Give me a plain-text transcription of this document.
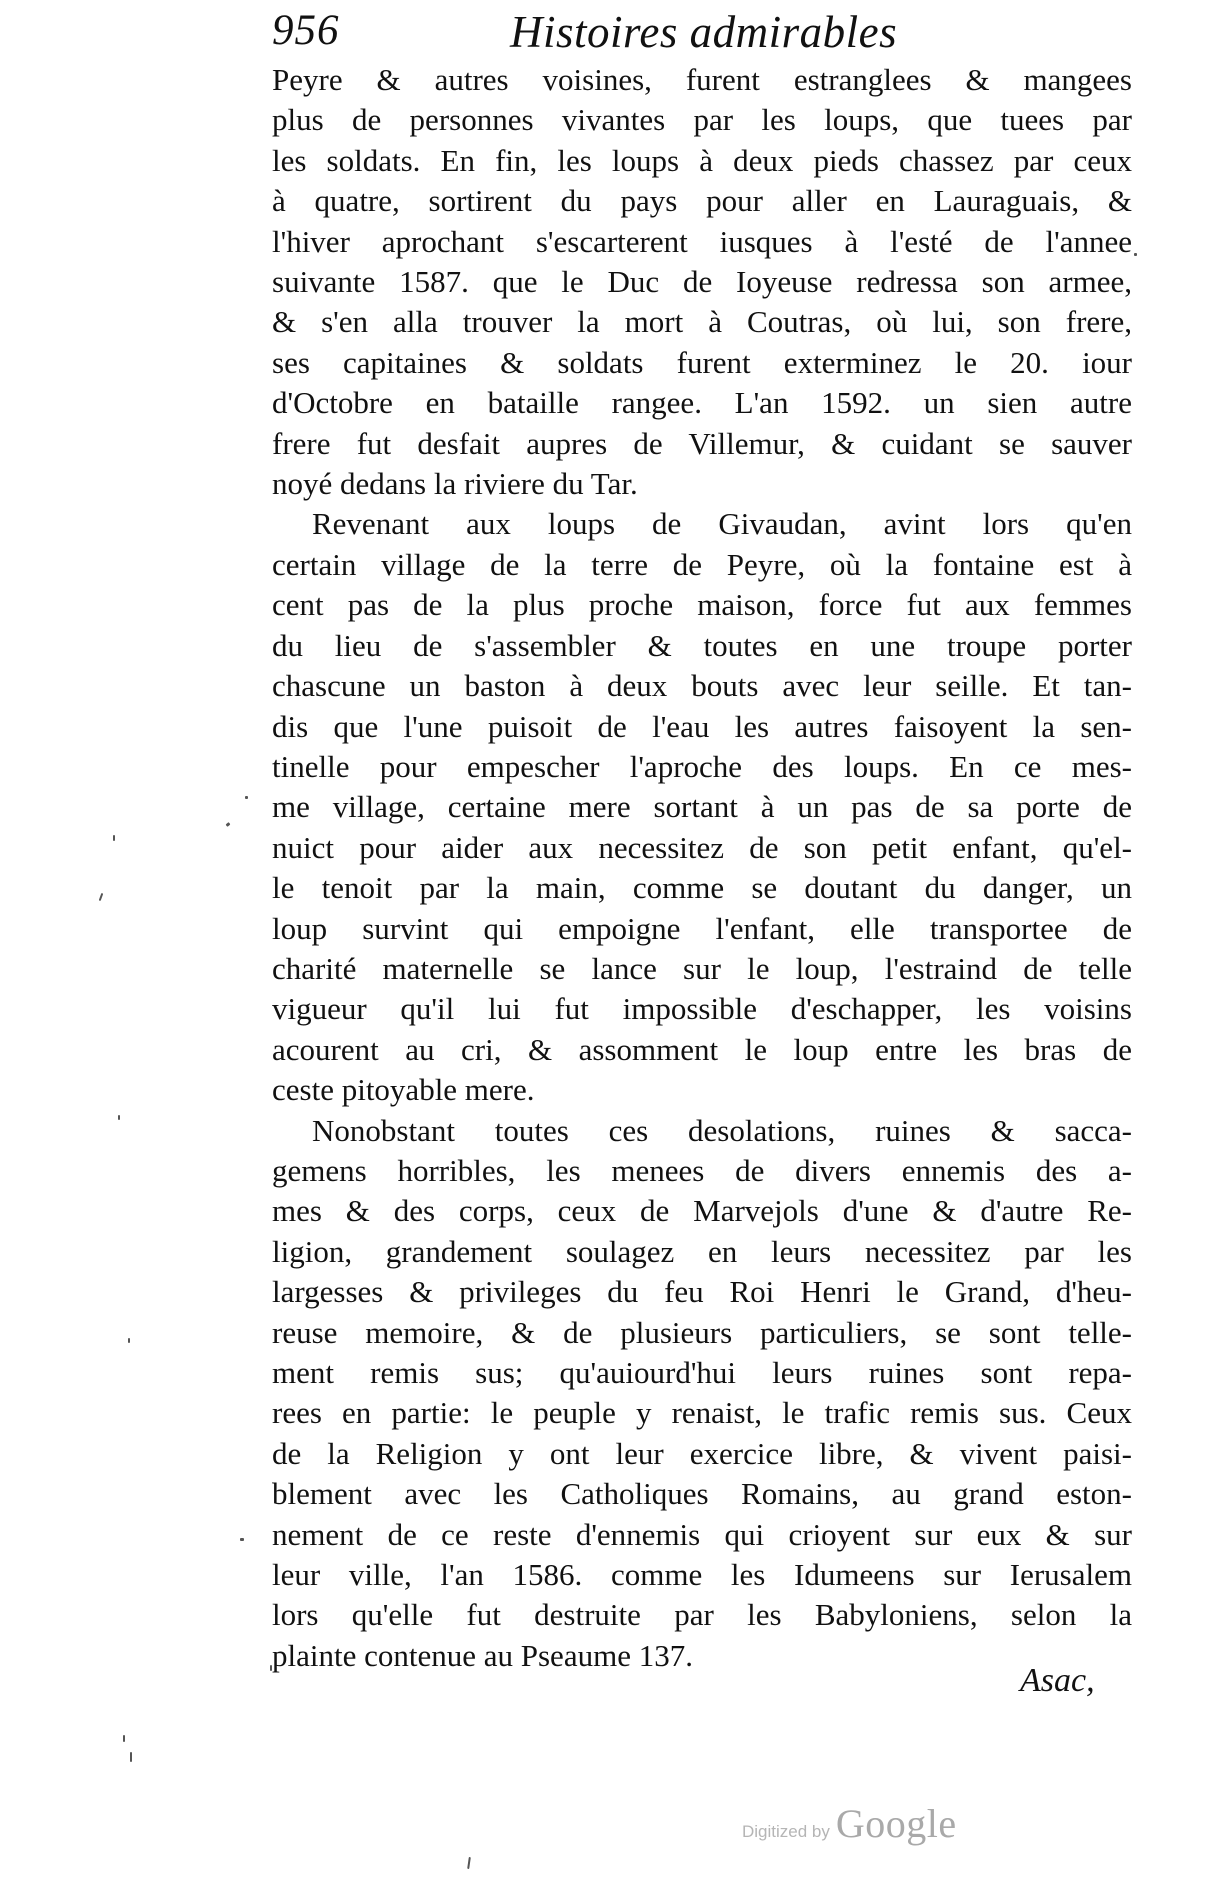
956	Histoires admirables
Peyre & autres voisines, furent estranglees & mangees
plus de personnes vivantes par les loups, que tuees par
les soldats. En fin, les loups à deux pieds chassez par ceux
à quatre, sortirent du pays pour aller en Lauraguais, &
l'hiver aprochant s'escarterent iusques à l'esté de l'annee
suivante 1587. que le Duc de Ioyeuse redressa son armee,
& s'en alla trouver la mort à Coutras, où lui, son frere,
ses capitaines & soldats furent exterminez le 20. iour
d'Octobre en bataille rangee. L'an 1592. un sien autre
frere fut desfait aupres de Villemur, & cuidant se sauver
noyé dedans la riviere du Tar.
Revenant aux loups de Givaudan, avint lors qu'en
certain village de la terre de Peyre, où la fontaine est à
cent pas de la plus proche maison, force fut aux femmes
du lieu de s'assembler & toutes en une troupe porter
chascune un baston à deux bouts avec leur seille. Et tan-
dis que l'une puisoit de l'eau les autres faisoyent la sen-
tinelle pour empescher l'aproche des loups. En ce mes-
me village, certaine mere sortant à un pas de sa porte de
nuict pour aider aux necessitez de son petit enfant, qu'el-
le tenoit par la main, comme se doutant du danger, un
loup survint qui empoigne l'enfant, elle transportee de
charité maternelle se lance sur le loup, l'estraind de telle
vigueur qu'il lui fut impossible d'eschapper, les voisins
acourent au cri, & assomment le loup entre les bras de
ceste pitoyable mere.
Nonobstant toutes ces desolations, ruines & sacca-
gemens horribles, les menees de divers ennemis des a-
mes & des corps, ceux de Marvejols d'une & d'autre Re-
ligion, grandement soulagez en leurs necessitez par les
largesses & privileges du feu Roi Henri le Grand, d'heu-
reuse memoire, & de plusieurs particuliers, se sont telle-
ment remis sus; qu'auiourd'hui leurs ruines sont repa-
rees en partie: le peuple y renaist, le trafic remis sus. Ceux
de la Religion y ont leur exercice libre, & vivent paisi-
blement avec les Catholiques Romains, au grand eston-
nement de ce reste d'ennemis qui crioyent sur eux & sur
leur ville, l'an 1586. comme les Idumeens sur Ierusalem
lors qu'elle fut destruite par les Babyloniens, selon la
plainte contenue au Pseaume 137.
Asac,
Digitized by Google
